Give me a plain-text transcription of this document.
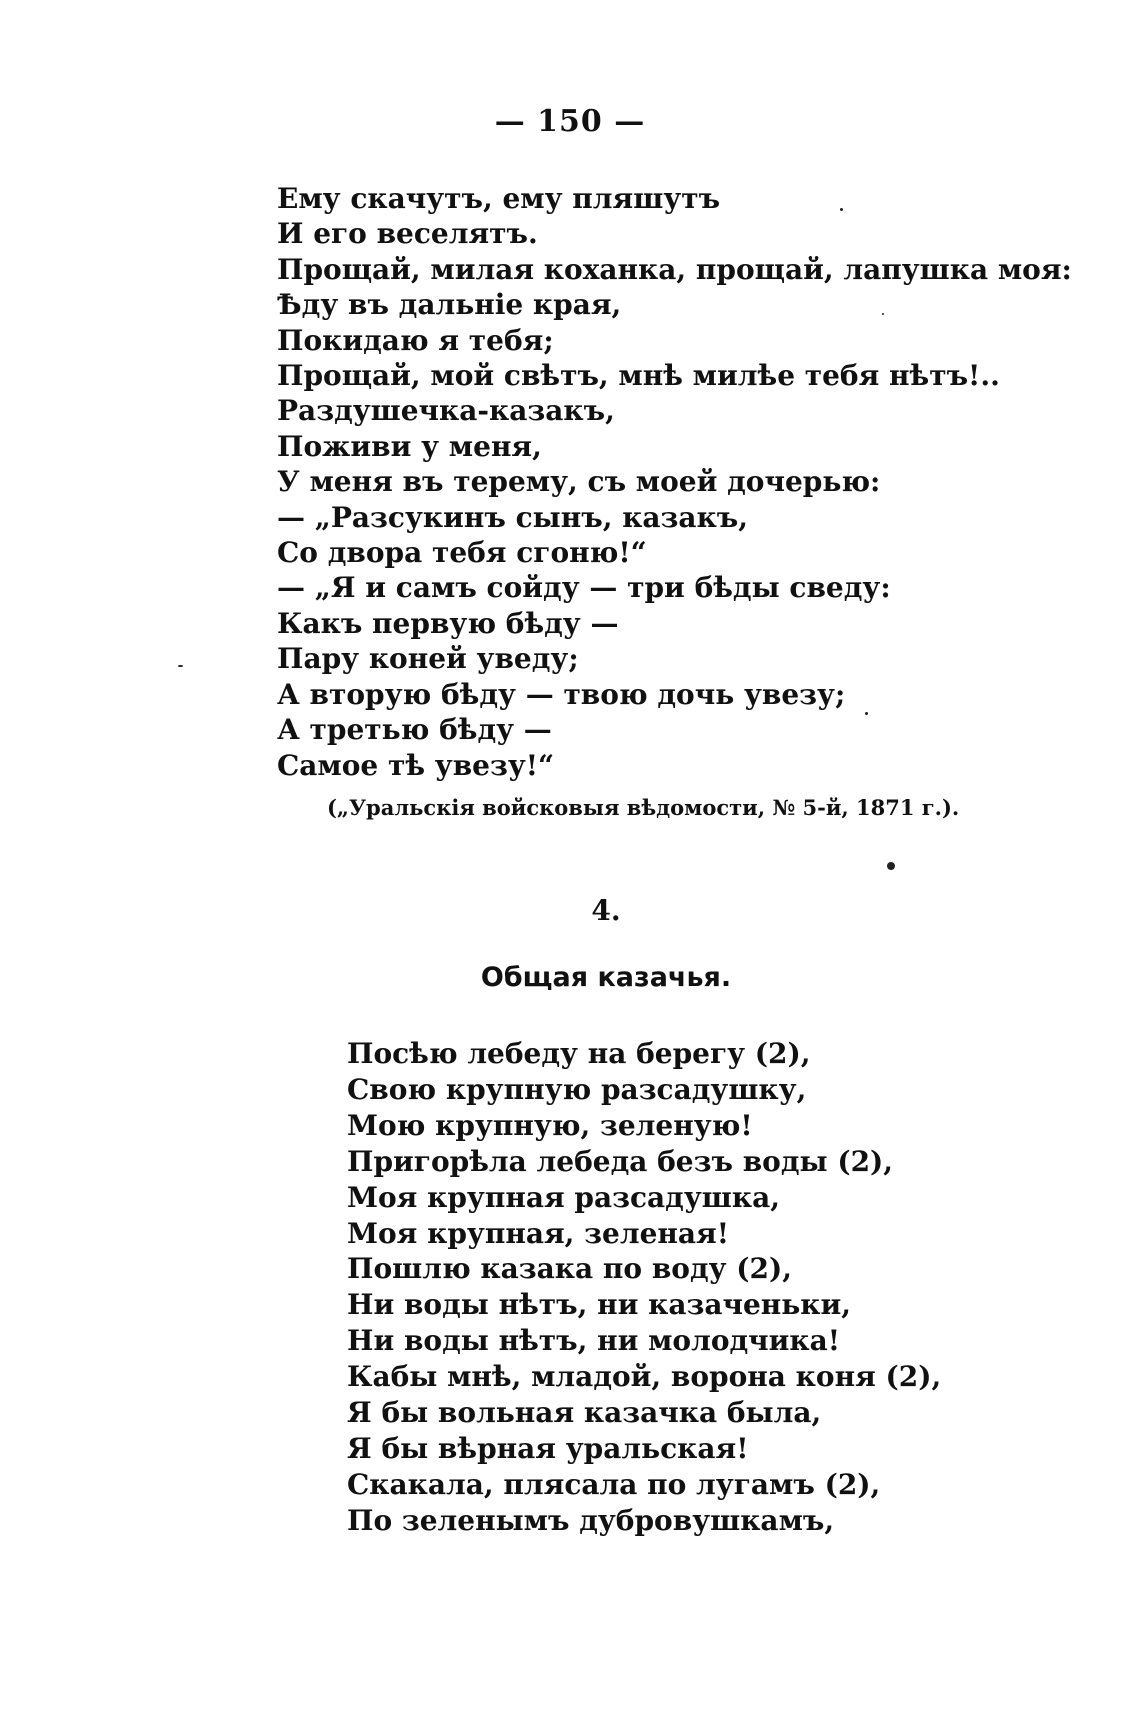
— 150 —
Ему скачутъ, ему пляшутъ
И его веселятъ.
Прощай, милая коханка, прощай, лапушка моя:
Ѣду въ дальніе края,
Покидаю я тебя;
Прощай, мой свѣтъ, мнѣ милѣе тебя нѣтъ!..
Раздушечка-казакъ,
Поживи у меня,
У меня въ терему, съ моей дочерью:
— „Разсукинъ сынъ, казакъ,
Со двора тебя сгоню!“
— „Я и самъ сойду — три бѣды сведу:
Какъ первую бѣду —
Пару коней уведу;
А вторую бѣду — твою дочь увезу;
А третью бѣду —
Самое тѣ увезу!“
(„Уральскія войсковыя вѣдомости, № 5-й, 1871 г.).
4.
Общая казачья.
Посѣю лебеду на берегу (2),
Свою крупную разсадушку,
Мою крупную, зеленую!
Пригорѣла лебеда безъ воды (2),
Моя крупная разсадушка,
Моя крупная, зеленая!
Пошлю казака по воду (2),
Ни воды нѣтъ, ни казаченьки,
Ни воды нѣтъ, ни молодчика!
Кабы мнѣ, младой, ворона коня (2),
Я бы вольная казачка была,
Я бы вѣрная уральская!
Скакала, плясала по лугамъ (2),
По зеленымъ дубровушкамъ,
